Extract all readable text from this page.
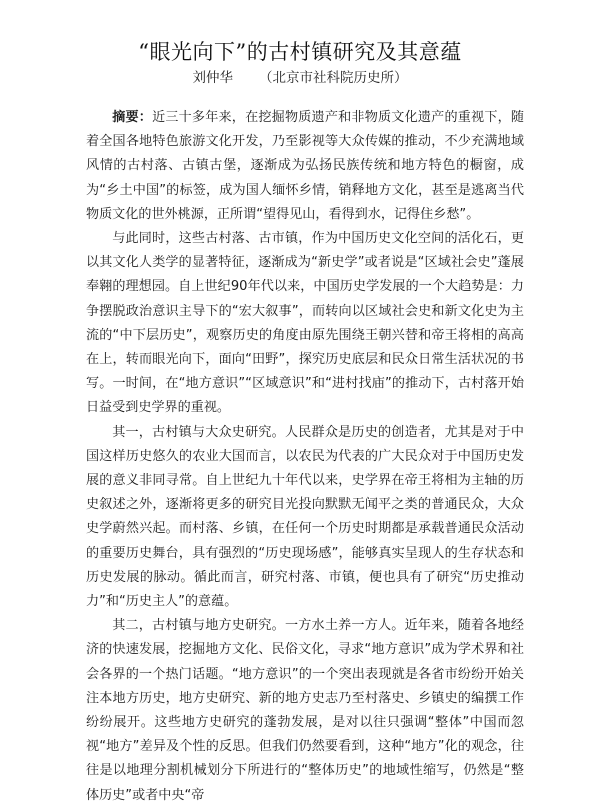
“眼光向下”的古村镇研究及其意蕴
刘仲华 （北京市社科院历史所）

摘要：近三十多年来，在挖掘物质遗产和非物质文化遗产的重视下，随着全国各地特色旅游文化开发，乃至影视等大众传媒的推动，不少充满地域风情的古村落、古镇古堡，逐渐成为弘扬民族传统和地方特色的橱窗，成为“乡土中国”的标签，成为国人缅怀乡情，销释地方文化，甚至是逃离当代物质文化的世外桃源，正所谓“望得见山，看得到水，记得住乡愁”。

与此同时，这些古村落、古市镇，作为中国历史文化空间的活化石，更以其文化人类学的显著特征，逐渐成为“新史学”或者说是“区域社会史”蓬展奉翱的理想园。自上世纪90年代以来，中国历史学发展的一个大趋势是：力争摆脱政治意识主导下的“宏大叙事”，而转向以区域社会史和新文化史为主流的“中下层历史”，观察历史的角度由原先围绕王朝兴替和帝王将相的高高在上，转而眼光向下，面向“田野”，探究历史底层和民众日常生活状况的书写。一时间，在“地方意识”“区域意识”和“进村找庙”的推动下，古村落开始日益受到史学界的重视。

其一，古村镇与大众史研究。人民群众是历史的创造者，尤其是对于中国这样历史悠久的农业大国而言，以农民为代表的广大民众对于中国历史发展的意义非同寻常。自上世纪九十年代以来，史学界在帝王将相为主轴的历史叙述之外，逐渐将更多的研究目光投向默默无闻平之类的普通民众，大众史学蔚然兴起。而村落、乡镇，在任何一个历史时期都是承载普通民众活动的重要历史舞台，具有强烈的“历史现场感”，能够真实呈现人的生存状态和历史发展的脉动。循此而言，研究村落、市镇，便也具有了研究“历史推动力”和“历史主人”的意蕴。

其二，古村镇与地方史研究。一方水土养一方人。近年来，随着各地经济的快速发展，挖掘地方文化、民俗文化，寻求“地方意识”成为学术界和社会各界的一个热门话题。“地方意识”的一个突出表现就是各省市纷纷开始关注本地方历史，地方史研究、新的地方史志乃至村落史、乡镇史的编撰工作纷纷展开。这些地方史研究的蓬勃发展，是对以往只强调“整体”中国而忽视“地方”差异及个性的反思。但我们仍然要看到，这种“地方”化的观念，往往是以地理分割机械划分下所进行的“整体历史”的地域性缩写，仍然是“整体历史”或者中央“帝
